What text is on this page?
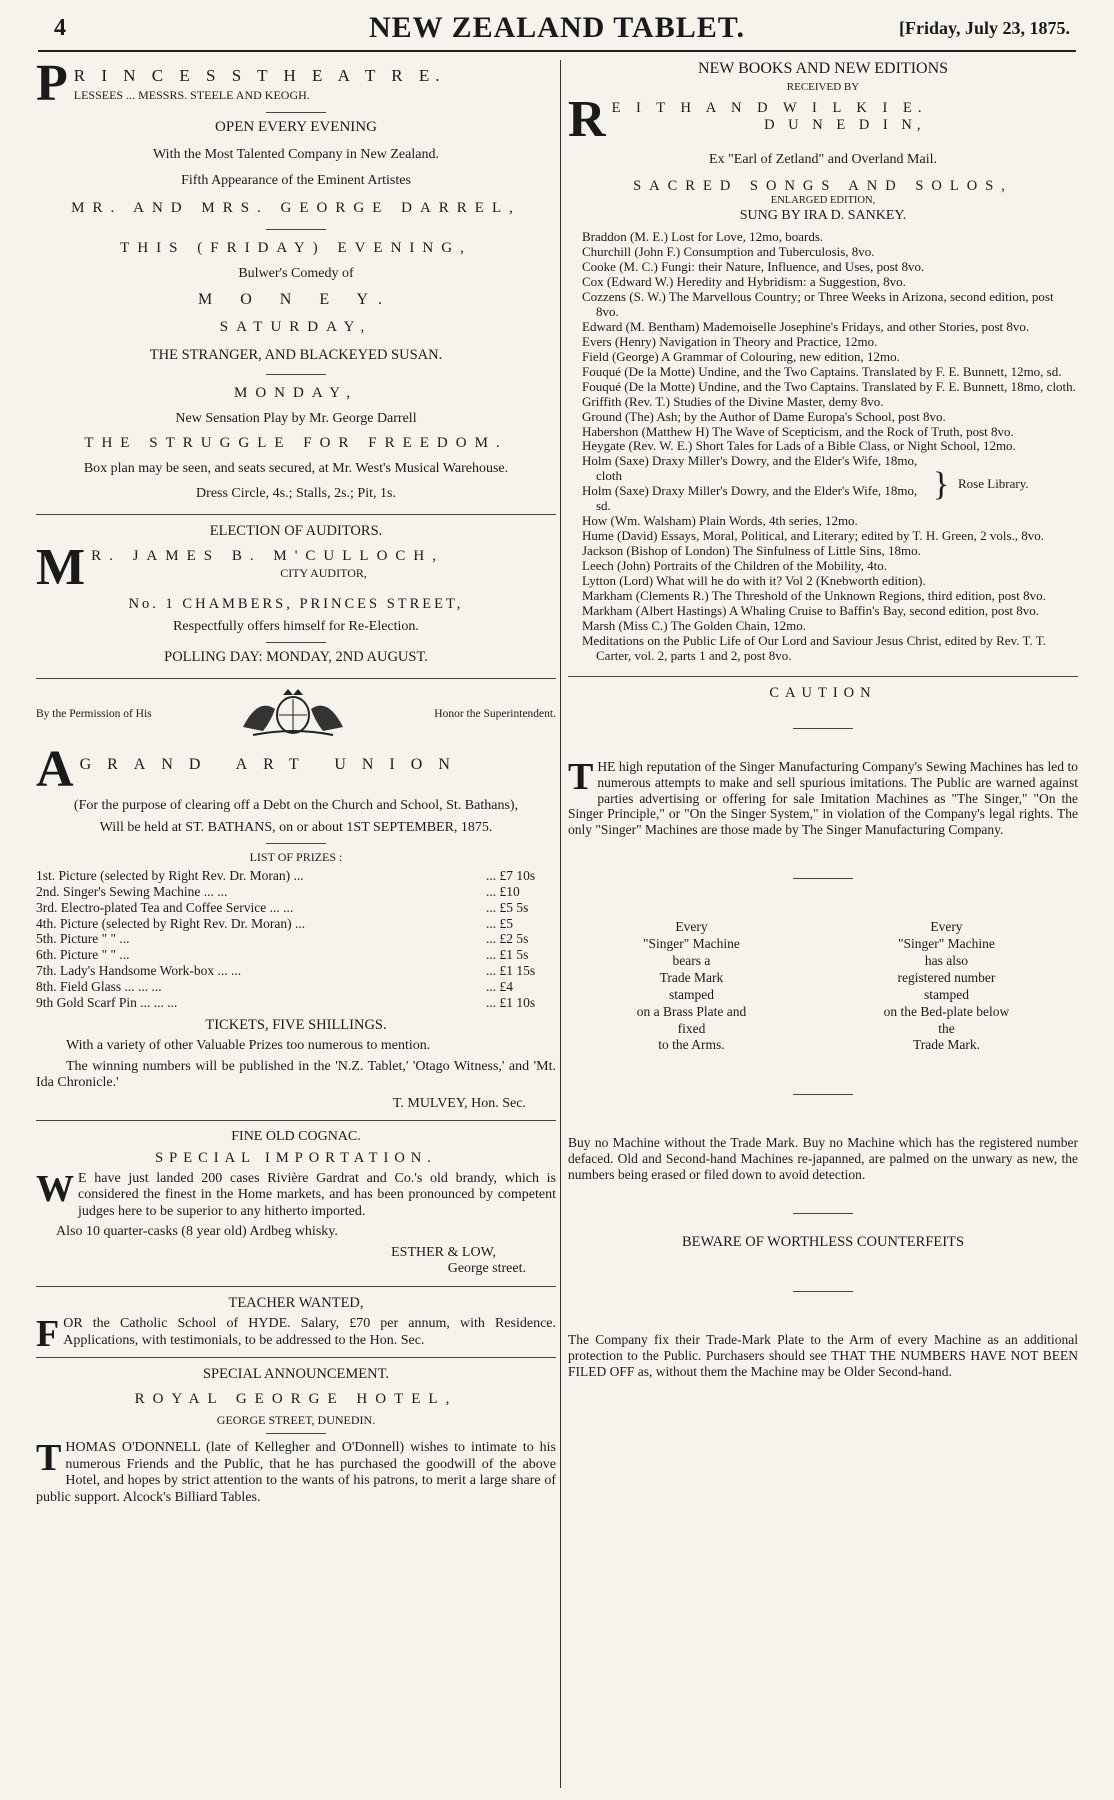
4	NEW ZEALAND TABLET.	[Friday, July 23, 1875.
P R I N C E S S T H E A T R E.
LESSEES ... MESSRS. STEELE AND KEOGH.

OPEN EVERY EVENING

With the Most Talented Company in New Zealand.

Fifth Appearance of the Eminent Artistes

MR. AND MRS. GEORGE DARREL,

THIS (FRIDAY) EVENING,

Bulwer's Comedy of

M O N E Y.

SATURDAY,

THE STRANGER, AND BLACKEYED SUSAN.

MONDAY,

New Sensation Play by Mr. George Darrell

THE STRUGGLE FOR FREEDOM.

Box plan may be seen, and seats secured, at Mr. West's Musical Warehouse.

Dress Circle, 4s.; Stalls, 2s.; Pit, 1s.

ELECTION OF AUDITORS.

M R. JAMES B. M'CULLOCH,
CITY AUDITOR,

No. 1 CHAMBERS, PRINCES STREET,

Respectfully offers himself for Re-Election.

POLLING DAY: MONDAY, 2ND AUGUST.

By the Permission of His	Honor the Superintendent.
A GRAND ART UNION

(For the purpose of clearing off a Debt on the Church and School, St. Bathans),

Will be held at ST. BATHANS, on or about 1ST SEPTEMBER, 1875.

LIST OF PRIZES :

1st. Picture (selected by Right Rev. Dr. Moran) ...	... £7 10s
2nd. Singer's Sewing Machine ... ...	... £10
3rd. Electro-plated Tea and Coffee Service ... ...	... £5 5s
4th. Picture (selected by Right Rev. Dr. Moran) ...	... £5
5th. Picture " " ...	... £2 5s
6th. Picture " " ...	... £1 5s
7th. Lady's Handsome Work-box ... ...	... £1 15s
8th. Field Glass ... ... ...	... £4
9th Gold Scarf Pin ... ... ...	... £1 10s

TICKETS, FIVE SHILLINGS.

With a variety of other Valuable Prizes too numerous to mention.

The winning numbers will be published in the 'N.Z. Tablet,' 'Otago Witness,' and 'Mt. Ida Chronicle.'

T. MULVEY, Hon. Sec.

FINE OLD COGNAC.

SPECIAL IMPORTATION.

W E have just landed 200 cases Rivière Gardrat and Co.'s old brandy, which is considered the finest in the Home markets, and has been pronounced by competent judges here to be superior to any hitherto imported.

Also 10 quarter-casks (8 year old) Ardbeg whisky.

ESTHER & LOW,

George street.

TEACHER WANTED,

FOR the Catholic School of HYDE. Salary, £70 per annum, with Residence. Applications, with testimonials, to be addressed to the Hon. Sec.

SPECIAL ANNOUNCEMENT.

ROYAL GEORGE HOTEL,

GEORGE STREET, DUNEDIN.

THOMAS O'DONNELL (late of Kellegher and O'Donnell) wishes to intimate to his numerous Friends and the Public, that he has purchased the goodwill of the above Hotel, and hopes by strict attention to the wants of his patrons, to merit a large share of public support. Alcock's Billiard Tables.

NEW BOOKS AND NEW EDITIONS

RECEIVED BY

R E I T H A N D W I L K I E.
D U N E D I N,

Ex "Earl of Zetland" and Overland Mail.

SACRED SONGS AND SOLOS,

ENLARGED EDITION,

SUNG BY IRA D. SANKEY.

Braddon (M. E.) Lost for Love, 12mo, boards.
Churchill (John F.) Consumption and Tuberculosis, 8vo.
Cooke (M. C.) Fungi: their Nature, Influence, and Uses, post 8vo.
Cox (Edward W.) Heredity and Hybridism: a Suggestion, 8vo.
Cozzens (S. W.) The Marvellous Country; or Three Weeks in Arizona, second edition, post 8vo.
Edward (M. Bentham) Mademoiselle Josephine's Fridays, and other Stories, post 8vo.
Evers (Henry) Navigation in Theory and Practice, 12mo.
Field (George) A Grammar of Colouring, new edition, 12mo.
Fouqué (De la Motte) Undine, and the Two Captains. Translated by F. E. Bunnett, 12mo, sd.
Fouqué (De la Motte) Undine, and the Two Captains. Translated by F. E. Bunnett, 18mo, cloth.
Griffith (Rev. T.) Studies of the Divine Master, demy 8vo.
Ground (The) Ash; by the Author of Dame Europa's School, post 8vo.
Habershon (Matthew H) The Wave of Scepticism, and the Rock of Truth, post 8vo.
Heygate (Rev. W. E.) Short Tales for Lads of a Bible Class, or Night School, 12mo.
Holm (Saxe) Draxy Miller's Dowry, and the Elder's Wife, 18mo, cloth
Holm (Saxe) Draxy Miller's Dowry, and the Elder's Wife, 18mo, sd.
} Rose Library.
How (Wm. Walsham) Plain Words, 4th series, 12mo.
Hume (David) Essays, Moral, Political, and Literary; edited by T. H. Green, 2 vols., 8vo.
Jackson (Bishop of London) The Sinfulness of Little Sins, 18mo.
Leech (John) Portraits of the Children of the Mobility, 4to.
Lytton (Lord) What will he do with it? Vol 2 (Knebworth edition).
Markham (Clements R.) The Threshold of the Unknown Regions, third edition, post 8vo.
Markham (Albert Hastings) A Whaling Cruise to Baffin's Bay, second edition, post 8vo.
Marsh (Miss C.) The Golden Chain, 12mo.
Meditations on the Public Life of Our Lord and Saviour Jesus Christ, edited by Rev. T. T. Carter, vol. 2, parts 1 and 2, post 8vo.

CAUTION

THE high reputation of the Singer Manufacturing Company's Sewing Machines has led to numerous attempts to make and sell spurious imitations. The Public are warned against parties advertising or offering for sale Imitation Machines as "The Singer," "On the Singer Principle," or "On the Singer System," in violation of the Company's legal rights. The only "Singer" Machines are those made by The Singer Manufacturing Company.

Every
"Singer" Machine
bears a
Trade Mark
stamped
on a Brass Plate and
fixed
to the Arms.
Every
"Singer" Machine
has also
registered number
stamped
on the Bed-plate below
the
Trade Mark.

Buy no Machine without the Trade Mark. Buy no Machine which has the registered number defaced. Old and Second-hand Machines re-japanned, are palmed on the unwary as new, the numbers being erased or filed down to avoid detection.

BEWARE OF WORTHLESS COUNTERFEITS

The Company fix their Trade-Mark Plate to the Arm of every Machine as an additional protection to the Public. Purchasers should see THAT THE NUMBERS HAVE NOT BEEN FILED OFF as, without them the Machine may be Older Second-hand.
